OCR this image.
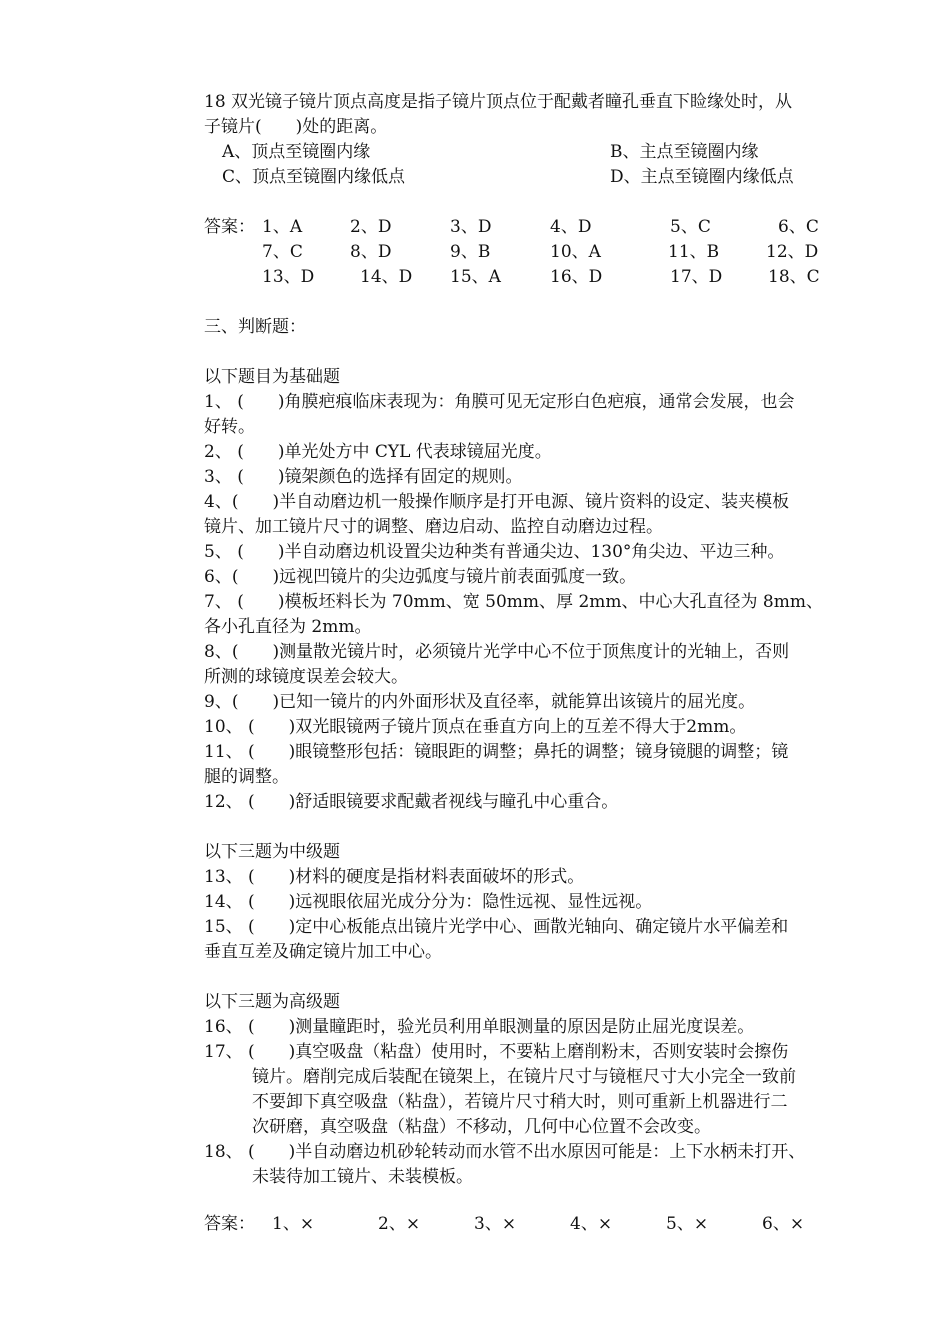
18 双光镜子镜片顶点高度是指子镜片顶点位于配戴者瞳孔垂直下睑缘处时，从
子镜片(　　)处的距离。
A、顶点至镜圈内缘	B、主点至镜圈内缘
C、顶点至镜圈内缘低点	D、主点至镜圈内缘低点
答案： 1、A	2、D	3、D	4、D	5、C	6、C
7、C	8、D	9、B	10、A	11、B	12、D
13、D	14、D 15、A	16、D	17、D	18、C
三、判断题：
以下题目为基础题
1、 (　　)角膜疤痕临床表现为：角膜可见无定形白色疤痕，通常会发展，也会
好转。
2、 (　　)单光处方中 CYL 代表球镜屈光度。
3、 (　　)镜架颜色的选择有固定的规则。
4、(　　)半自动磨边机一般操作顺序是打开电源、镜片资料的设定、装夹模板
镜片、加工镜片尺寸的调整、磨边启动、监控自动磨边过程。
5、 (　　)半自动磨边机设置尖边种类有普通尖边、130°角尖边、平边三种。
6、(　　)远视凹镜片的尖边弧度与镜片前表面弧度一致。
7、 (　　)模板坯料长为 70mm、宽 50mm、厚 2mm、中心大孔直径为 8mm、
各小孔直径为 2mm。
8、(　　)测量散光镜片时，必须镜片光学中心不位于顶焦度计的光轴上，否则
所测的球镜度误差会较大。
9、(　　)已知一镜片的内外面形状及直径率，就能算出该镜片的屈光度。
10、 (　　)双光眼镜两子镜片顶点在垂直方向上的互差不得大于2mm。
11、 (　　)眼镜整形包括：镜眼距的调整；鼻托的调整；镜身镜腿的调整；镜
腿的调整。
12、 (　　)舒适眼镜要求配戴者视线与瞳孔中心重合。
以下三题为中级题
13、 (　　)材料的硬度是指材料表面破坏的形式。
14、 (　　)远视眼依屈光成分分为：隐性远视、显性远视。
15、 (　　)定中心板能点出镜片光学中心、画散光轴向、确定镜片水平偏差和
垂直互差及确定镜片加工中心。
以下三题为高级题
16、 (　　)测量瞳距时，验光员利用单眼测量的原因是防止屈光度误差。
17、 (　　)真空吸盘（粘盘）使用时，不要粘上磨削粉末，否则安装时会擦伤
镜片。磨削完成后装配在镜架上，在镜片尺寸与镜框尺寸大小完全一致前
不要卸下真空吸盘（粘盘），若镜片尺寸稍大时，则可重新上机器进行二
次研磨，真空吸盘（粘盘）不移动，几何中心位置不会改变。
18、 (　　)半自动磨边机砂轮转动而水管不出水原因可能是：上下水柄未打开、
未装待加工镜片、未装模板。
答案： 1、×	2、×	3、×	4、×	5、×	6、×
